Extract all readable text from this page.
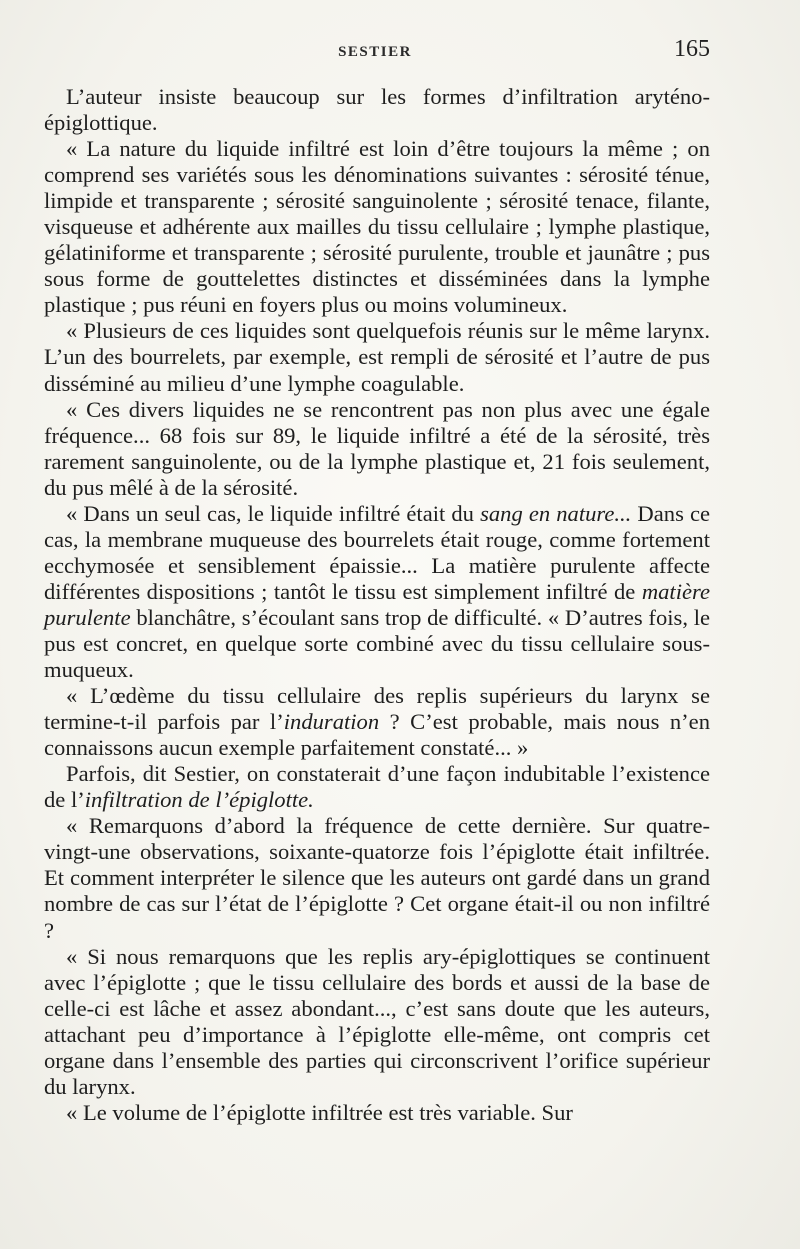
SESTIER	165

L’auteur insiste beaucoup sur les formes d’infiltration aryténo-épiglottique.

« La nature du liquide infiltré est loin d’être toujours la même ; on comprend ses variétés sous les dénominations suivantes : sérosité ténue, limpide et transparente ; sérosité sanguinolente ; sérosité tenace, filante, visqueuse et adhérente aux mailles du tissu cellulaire ; lymphe plastique, gélatiniforme et transparente ; sérosité purulente, trouble et jaunâtre ; pus sous forme de gouttelettes distinctes et disséminées dans la lymphe plastique ; pus réuni en foyers plus ou moins volumineux.

« Plusieurs de ces liquides sont quelquefois réunis sur le même larynx. L’un des bourrelets, par exemple, est rempli de sérosité et l’autre de pus disséminé au milieu d’une lymphe coagulable.

« Ces divers liquides ne se rencontrent pas non plus avec une égale fréquence... 68 fois sur 89, le liquide infiltré a été de la sérosité, très rarement sanguinolente, ou de la lymphe plastique et, 21 fois seulement, du pus mêlé à de la sérosité.

« Dans un seul cas, le liquide infiltré était du sang en nature... Dans ce cas, la membrane muqueuse des bourrelets était rouge, comme fortement ecchymosée et sensiblement épaissie... La matière purulente affecte différentes dispositions ; tantôt le tissu est simplement infiltré de matière purulente blanchâtre, s’écoulant sans trop de difficulté. « D’autres fois, le pus est concret, en quelque sorte combiné avec du tissu cellulaire sous-muqueux.

« L’œdème du tissu cellulaire des replis supérieurs du larynx se termine-t-il parfois par l’induration ? C’est probable, mais nous n’en connaissons aucun exemple parfaitement constaté... »

Parfois, dit Sestier, on constaterait d’une façon indubitable l’existence de l’infiltration de l’épiglotte.

« Remarquons d’abord la fréquence de cette dernière. Sur quatre-vingt-une observations, soixante-quatorze fois l’épiglotte était infiltrée. Et comment interpréter le silence que les auteurs ont gardé dans un grand nombre de cas sur l’état de l’épiglotte ? Cet organe était-il ou non infiltré ?

« Si nous remarquons que les replis ary-épiglottiques se continuent avec l’épiglotte ; que le tissu cellulaire des bords et aussi de la base de celle-ci est lâche et assez abondant..., c’est sans doute que les auteurs, attachant peu d’importance à l’épiglotte elle-même, ont compris cet organe dans l’ensemble des parties qui circonscrivent l’orifice supérieur du larynx.

« Le volume de l’épiglotte infiltrée est très variable. Sur
